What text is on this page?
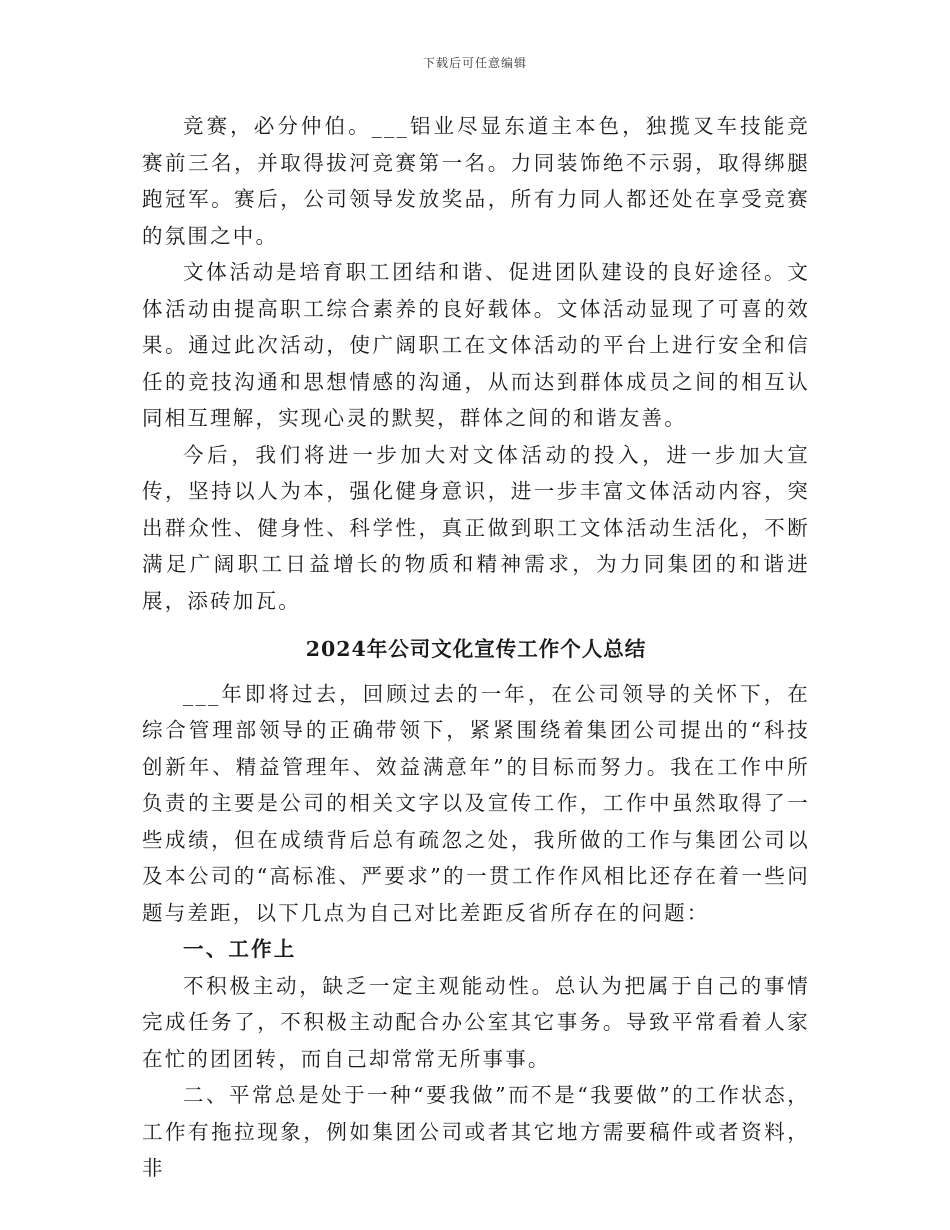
下载后可任意编辑

竞赛，必分仲伯。___铝业尽显东道主本色，独揽叉车技能竞赛前三名，并取得拔河竞赛第一名。力同装饰绝不示弱，取得绑腿跑冠军。赛后，公司领导发放奖品，所有力同人都还处在享受竞赛的氛围之中。

文体活动是培育职工团结和谐、促进团队建设的良好途径。文体活动由提高职工综合素养的良好载体。文体活动显现了可喜的效果。通过此次活动，使广阔职工在文体活动的平台上进行安全和信任的竞技沟通和思想情感的沟通，从而达到群体成员之间的相互认同相互理解，实现心灵的默契，群体之间的和谐友善。

今后，我们将进一步加大对文体活动的投入，进一步加大宣传，坚持以人为本，强化健身意识，进一步丰富文体活动内容，突出群众性、健身性、科学性，真正做到职工文体活动生活化，不断满足广阔职工日益增长的物质和精神需求，为力同集团的和谐进展，添砖加瓦。

2024年公司文化宣传工作个人总结

___年即将过去，回顾过去的一年，在公司领导的关怀下，在综合管理部领导的正确带领下，紧紧围绕着集团公司提出的“科技创新年、精益管理年、效益满意年”的目标而努力。我在工作中所负责的主要是公司的相关文字以及宣传工作，工作中虽然取得了一些成绩，但在成绩背后总有疏忽之处，我所做的工作与集团公司以及本公司的“高标准、严要求”的一贯工作作风相比还存在着一些问题与差距，以下几点为自己对比差距反省所存在的问题：

一、工作上

不积极主动，缺乏一定主观能动性。总认为把属于自己的事情完成任务了，不积极主动配合办公室其它事务。导致平常看着人家在忙的团团转，而自己却常常无所事事。

二、平常总是处于一种“要我做”而不是“我要做”的工作状态，工作有拖拉现象，例如集团公司或者其它地方需要稿件或者资料，非
